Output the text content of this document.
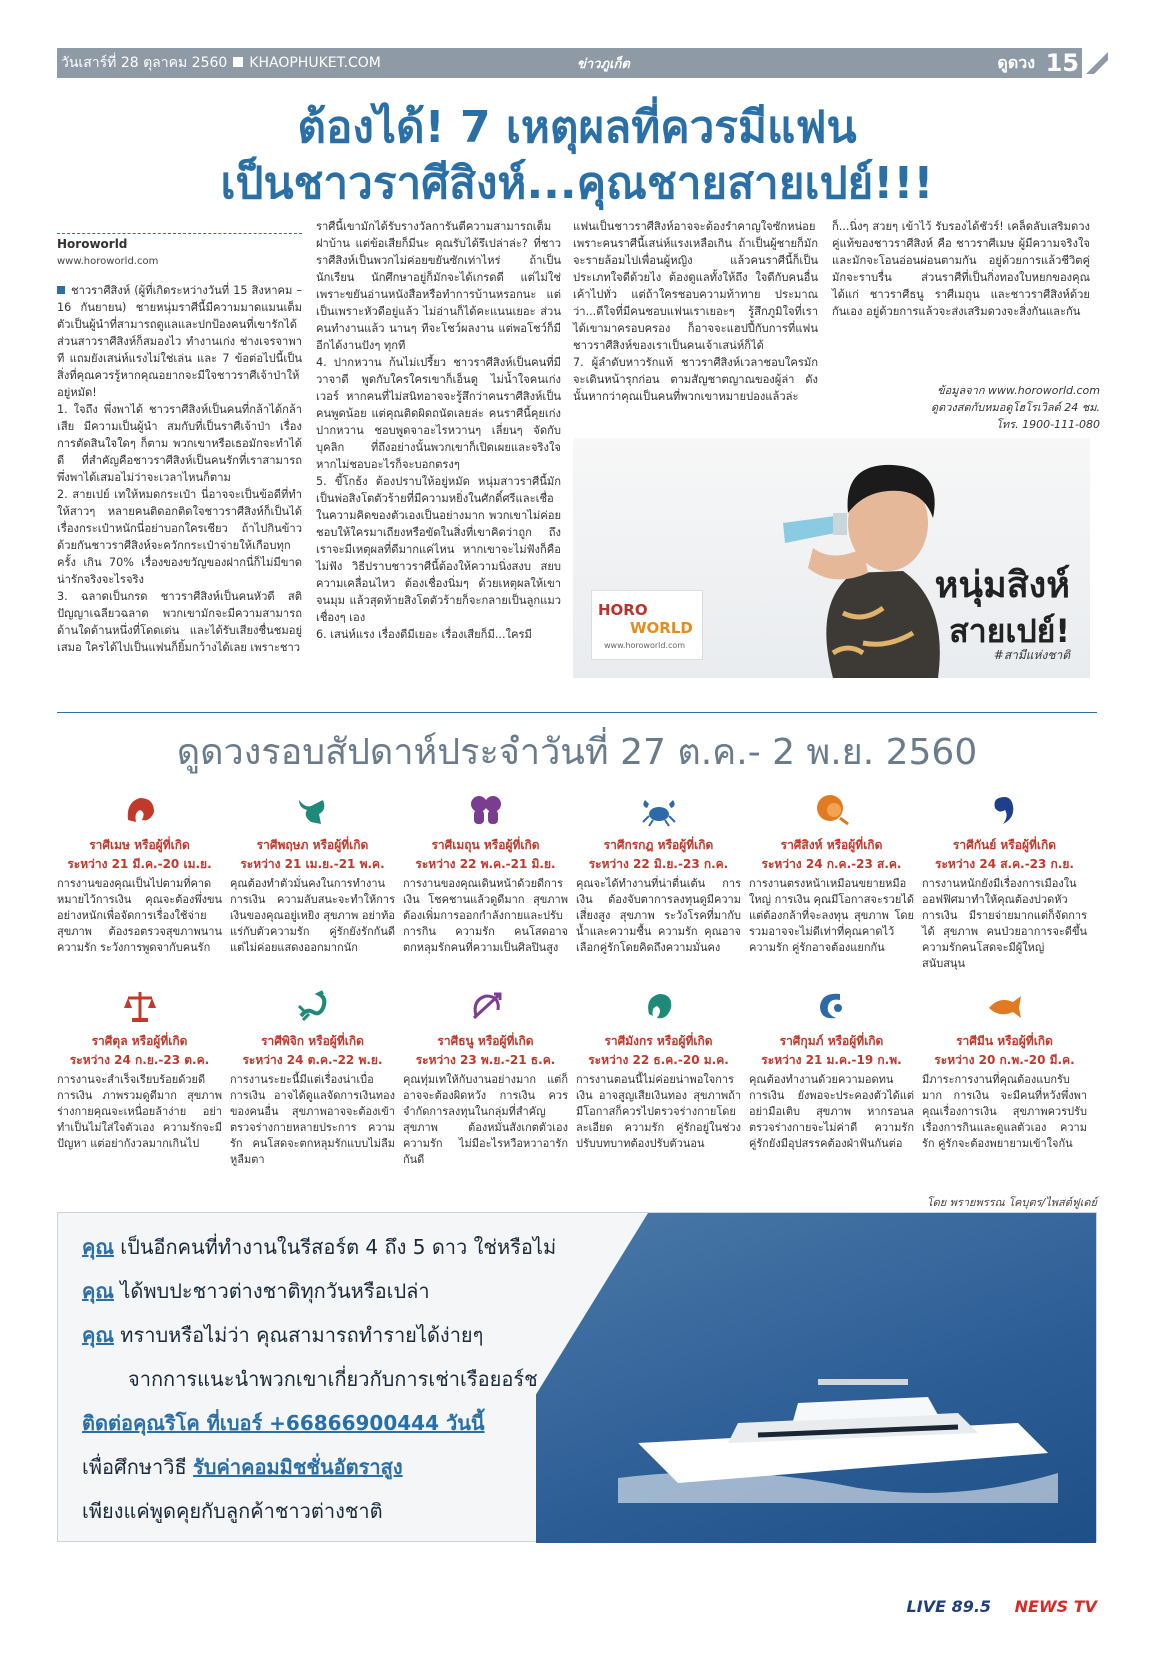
วันเสาร์ที่ 28 ตุลาคม 2560 KHAOPHUKET.COM	ข่าวภูเก็ต	ดูดวง 15
ต้องได้! 7 เหตุผลที่ควรมีแฟน
เป็นชาวราศีสิงห์...คุณชายสายเปย์!!!
Horoworld
www.horoworld.com

ชาวราศีสิงห์ (ผู้ที่เกิดระหว่างวันที่ 15 สิงหาคม – 16 กันยายน) ชายหนุ่มราศีนี้มีความมาดแมนเต็มตัวเป็นผู้นำที่สามารถดูแลและปกป้องคนที่เขารักได้ ส่วนสาวราศีสิงห์ก็สมองไว ทำงานเก่ง ช่างเจรจาพาที แถมยังเสน่ห์แรงไม่ใช่เล่น และ 7 ข้อต่อไปนี้เป็นสิ่งที่คุณควรรู้หากคุณอยากจะมีใจชาวราศีเจ้าป่าให้อยู่หมัด!

1. ใจถึง พึ่งพาได้ ชาวราศีสิงห์เป็นคนที่กล้าได้กล้าเสีย มีความเป็นผู้นำ สมกับที่เป็นราศีเจ้าป่า เรื่องการตัดสินใจใดๆ ก็ตาม พวกเขาหรือเธอมักจะทำได้ดี ที่สำคัญคือชาวราศีสิงห์เป็นคนรักที่เราสามารถพึ่งพาได้เสมอไม่ว่าจะเวลาไหนก็ตาม

2. สายเปย์ เทให้หมดกระเป๋า นี่อาจจะเป็นข้อดีที่ทำให้สาวๆ หลายคนติดอกติดใจชาวราศีสิงห์ก็เป็นได้ เรื่องกระเป๋าหนักนี่อย่าบอกใครเชียว ถ้าไปกินข้าวด้วยกันชาวราศีสิงห์จะควักกระเป๋าจ่ายให้เกือบทุกครั้ง เกิน 70% เรื่องของขวัญของฝากนี่ก็ไม่มีขาด น่ารักจริงจะไรจริง

3. ฉลาดเป็นกรด ชาวราศีสิงห์เป็นคนหัวดี สติปัญญาเฉลียวฉลาด พวกเขามักจะมีความสามารถด้านใดด้านหนึ่งที่โดดเด่น และได้รับเสียงชื่นชมอยู่เสมอ ใครได้ไปเป็นแฟนก็ยิ้มกว้างได้เลย เพราะชาว

ราศีนี้เขามักได้รับรางวัลการันตีความสามารถเต็มฝาบ้าน แต่ข้อเสียก็มีนะ คุณรับได้รึเปล่าล่ะ? ที่ชาวราศีสิงห์เป็นพวกไม่ค่อยขยันซักเท่าไหร่ ถ้าเป็นนักเรียน นักศึกษาอยู่ก็มักจะได้เกรดดี แต่ไม่ใช่เพราะขยันอ่านหนังสือหรือทำการบ้านหรอกนะ แต่เป็นเพราะหัวดีอยู่แล้ว ไม่อ่านก็ได้คะแนนเยอะ ส่วนคนทำงานแล้ว นานๆ ทีจะโชว์ผลงาน แต่พอโชว์ก็มีอีกได้งานปังๆ ทุกที

4. ปากหวาน ก้นไม่เปรี้ยว ชาวราศีสิงห์เป็นคนที่มีวาจาดี พูดกับใครใครเขาก็เอ็นดู ไม่น้ำใจคนเก่งเวอร์ หากคนที่ไม่สนิทอาจจะรู้สึกว่าคนราศีสิงห์เป็นคนพูดน้อย แต่คุณติดผิดถนัดเลยล่ะ คนราศีนี้คุยเก่ง ปากหวาน ชอบพูดจาอะไรหวานๆ เลี่ยนๆ จัดกับบุคลิก ที่ถึงอย่างนั้นพวกเขาก็เปิดเผยและจริงใจ หากไม่ชอบอะไรก็จะบอกตรงๆ

5. ขี้โกธ้ง ต้องปราบให้อยู่หมัด หนุ่มสาวราศีนี้มักเป็นพ่อสิงโตตัวร้ายที่มีความหยิ่งในศักดิ์ศรีและเชื่อในความคิดของตัวเองเป็นอย่างมาก พวกเขาไม่ค่อยชอบให้ใครมาเถียงหรือขัดในสิ่งที่เขาคิดว่าถูก ถึงเราจะมีเหตุผลที่ดีมากแค่ไหน หากเขาจะไม่ฟังก็คือไม่ฟัง วิธีปราบชาวราศีนี้ต้องให้ความนิ่งสงบ สยบความเคลื่อนไหว ต้องเชื่องนิ่มๆ ด้วยเหตุผลให้เขาจนมุม แล้วสุดท้ายสิงโตตัวร้ายก็จะกลายเป็นลูกแมวเชื่องๆ เอง

6. เสน่ห์แรง เรื่องดีมีเยอะ เรื่องเสียก็มี...ใครมี

แฟนเป็นชาวราศีสิงห์อาจจะต้องรำคาญใจซักหน่อย เพราะคนราศีนี้เสน่ห์แรงเหลือเกิน ถ้าเป็นผู้ชายก็มักจะรายล้อมไปเพื่อนผู้หญิง แล้วคนราศีนี้ก็เป็นประเภทใจดีด้วยไง ต้องดูแลทั้งให้ถึง ใจดีกับคนอื่นเค้าไปทั่ว แต่ถ้าใครชอบความท้าทาย ประมาณว่า...ดีใจที่มีคนชอบแฟนเราเยอะๆ รู้สึกภูมิใจที่เราได้เขามาครอบครอง ก็อาจจะแฮปปี้กับการที่แฟนชาวราศีสิงห์ของเราเป็นคนเจ้าเสน่ห์ก็ได้

7. ผู้ลำดับหาวรักแท้ ชาวราศีสิงห์เวลาชอบใครมักจะเดินหน้ารุกก่อน ตามสัญชาตญาณของผู้ล่า ดังนั้นหากว่าคุณเป็นคนที่พวกเขาหมายปองแล้วล่ะ

ก็...นิ่งๆ สวยๆ เข้าไว้ รับรองได้ชัวร์! เคล็ดลับเสริมดวง คู่แท้ของชาวราศีสิงห์ คือ ชาวราศีเมษ ผู้มีความจริงใจและมักจะโอนอ่อนผ่อนตามกัน อยู่ด้วยการแล้วชีวิตคู่มักจะราบรื่น ส่วนราศีที่เป็นกิ่งทองใบหยกของคุณ ได้แก่ ชาวราศีธนู ราศีเมถุน และชาวราศีสิงห์ด้วยกันเอง อยู่ด้วยการแล้วจะส่งเสริมดวงจะสิ่งกันและกัน

ข้อมูลจาก www.horoworld.com
ดูดวงสดกับหมอดูโฮโรเวิลด์ 24 ชม.
โทร. 1900-111-080
หนุ่มสิงห์
สายเปย์!
#สามีแห่งชาติ
HORO
WORLD
www.horoworld.com
ดูดวงรอบสัปดาห์ประจำวันที่ 27 ต.ค.- 2 พ.ย. 2560
ราศีเมษ หรือผู้ที่เกิด
ระหว่าง 21 มี.ค.-20 เม.ย.
การงานของคุณเป็นไปตามที่คาดหมายไว้การเงิน คุณจะต้องพึ่งขนอย่างหนักเพื่อจัดการเรื่องใช้จ่าย สุขภาพ ต้องรอตรวจสุขภาพนาน ความรัก ระวังการพูดจากับคนรัก
ราศีพฤษภ หรือผู้ที่เกิด
ระหว่าง 21 เม.ย.-21 พ.ค.
คุณต้องทำตัวมั่นคงในการทำงาน การเงิน ความลับสนะจะทำให้การเงินของคุณอยู่เหยิง สุขภาพ อย่าท้อแร่กับตัวความรัก คู่รักยังรักกันดี แต่ไม่ค่อยแสดงออกมากนัก
ราศีเมถุน หรือผู้ที่เกิด
ระหว่าง 22 พ.ค.-21 มิ.ย.
การงานของคุณเดินหน้าด้วยดีการเงิน โชคชานแล้วดูดีมาก สุขภาพต้องเพิ่มการออกกำลังกายและปรับการกิน ความรัก คนโสดอาจตกหลุมรักคนที่ความเป็นศิลปินสูง
ราศีกรกฎ หรือผู้ที่เกิด
ระหว่าง 22 มิ.ย.-23 ก.ค.
คุณจะได้ทำงานที่น่าตื่นเต้น การเงิน ต้องจับตาการลงทุนดูมีความเสี่ยงสูง สุขภาพ ระวังโรคที่มากับน้ำและความชื้น ความรัก คุณอาจเลือกคู่รักโดยคิดถึงความมั่นคง
ราศีสิงห์ หรือผู้ที่เกิด
ระหว่าง 24 ก.ค.-23 ส.ค.
การงานตรงหน้าเหมือนขยายหมือใหญ่ การเงิน คุณมีโอกาสจะรวยได้แต่ต้องกล้าที่จะลงทุน สุขภาพ โดยรวมอาจจะไม่ดีเท่าที่คุณคาดไว้ ความรัก คู่รักอาจต้องแยกกัน
ราศีกันย์ หรือผู้ที่เกิด
ระหว่าง 24 ส.ค.-23 ก.ย.
การงานหนักยังมีเรื่องการเมืองในออฟฟิศมาทำให้คุณต้องปวดหัว การเงิน มีรายจ่ายมากแต่ก็จัดการได้ สุขภาพ คนป่วยอาการจะดีขึ้น ความรักคนโสดจะมีผู้ใหญ่สนับสนุน
ราศีตุล หรือผู้ที่เกิด
ระหว่าง 24 ก.ย.-23 ต.ค.
การงานจะสำเร็จเรียบร้อยด้วยดี การเงิน ภาพรวมดูดีมาก สุขภาพร่างกายคุณจะเหนื่อยล้าง่าย อย่าทำเป็นไม่ใส่ใจตัวเอง ความรักจะมีปัญหา แต่อย่ากังวลมากเกินไป
ราศีพิจิก หรือผู้ที่เกิด
ระหว่าง 24 ต.ค.-22 พ.ย.
การงานระยะนี้มีแต่เรื่องน่าเบื่อ การเงิน อาจได้ดูแลจัดการเงินทองของคนอื่น สุขภาพอาจจะต้องเข้าตรวจร่างกายหลายประการ ความรัก คนโสดจะตกหลุมรักแบบไม่ลืมหูลืมตา
ราศีธนู หรือผู้ที่เกิด
ระหว่าง 23 พ.ย.-21 ธ.ค.
คุณทุ่มเทให้กับงานอย่างมาก แต่ก็อาจจะต้องผิดหวัง การเงิน ควรจำกัดการลงทุนในกลุ่มที่สำคัญ สุขภาพ ต้องหมั่นสังเกตตัวเอง ความรัก ไม่มีอะไรหวือหวาอารักกันดี
ราศีมังกร หรือผู้ที่เกิด
ระหว่าง 22 ธ.ค.-20 ม.ค.
การงานตอนนี้ไม่ค่อยน่าพอใจการเงิน อาจสูญเสียเงินทอง สุขภาพถ้ามีโอกาสก็ควรไปตรวจร่างกายโดยละเอียด ความรัก คู่รักอยู่ในช่วงปรับบทบาทต้องปรับตัวนอน
ราศีกุมภ์ หรือผู้ที่เกิด
ระหว่าง 21 ม.ค.-19 ก.พ.
คุณต้องทำงานด้วยความอดทน การเงิน ยังพอจะประคองตัวได้แต่อย่ามือเติบ สุขภาพ หากรอนลตรวจร่างกายจะไม่ค่าดี ความรัก คู่รักยังมีอุปสรรคต้องฝ่าฟันกันต่อ
ราศีมีน หรือผู้ที่เกิด
ระหว่าง 20 ก.พ.-20 มี.ค.
มีภาระการงานที่คุณต้องแบกรับมาก การเงิน จะมีคนที่หวังพึ่งพาคุณเรื่องการเงิน สุขภาพควรปรับเรื่องการกินและดูแลตัวเอง ความรัก คู่รักจะต้องพยายามเข้าใจกัน
โดย พรายพรรณ โคบุตร/ไพสต์ฟูเดย์
คุณ เป็นอีกคนที่ทำงานในรีสอร์ต 4 ถึง 5 ดาว ใช่หรือไม่
คุณ ได้พบปะชาวต่างชาติทุกวันหรือเปล่า
คุณ ทราบหรือไม่ว่า คุณสามารถทำรายได้ง่ายๆ
จากการแนะนำพวกเขาเกี่ยวกับการเช่าเรือยอร์ช
ติดต่อคุณริโค ที่เบอร์ +66866900444 วันนี้
เพื่อศึกษาวิธี รับค่าคอมมิชชั่นอัตราสูง
เพียงแค่พูดคุยกับลูกค้าชาวต่างชาติ
LIVE 89.5 NEWS TV
